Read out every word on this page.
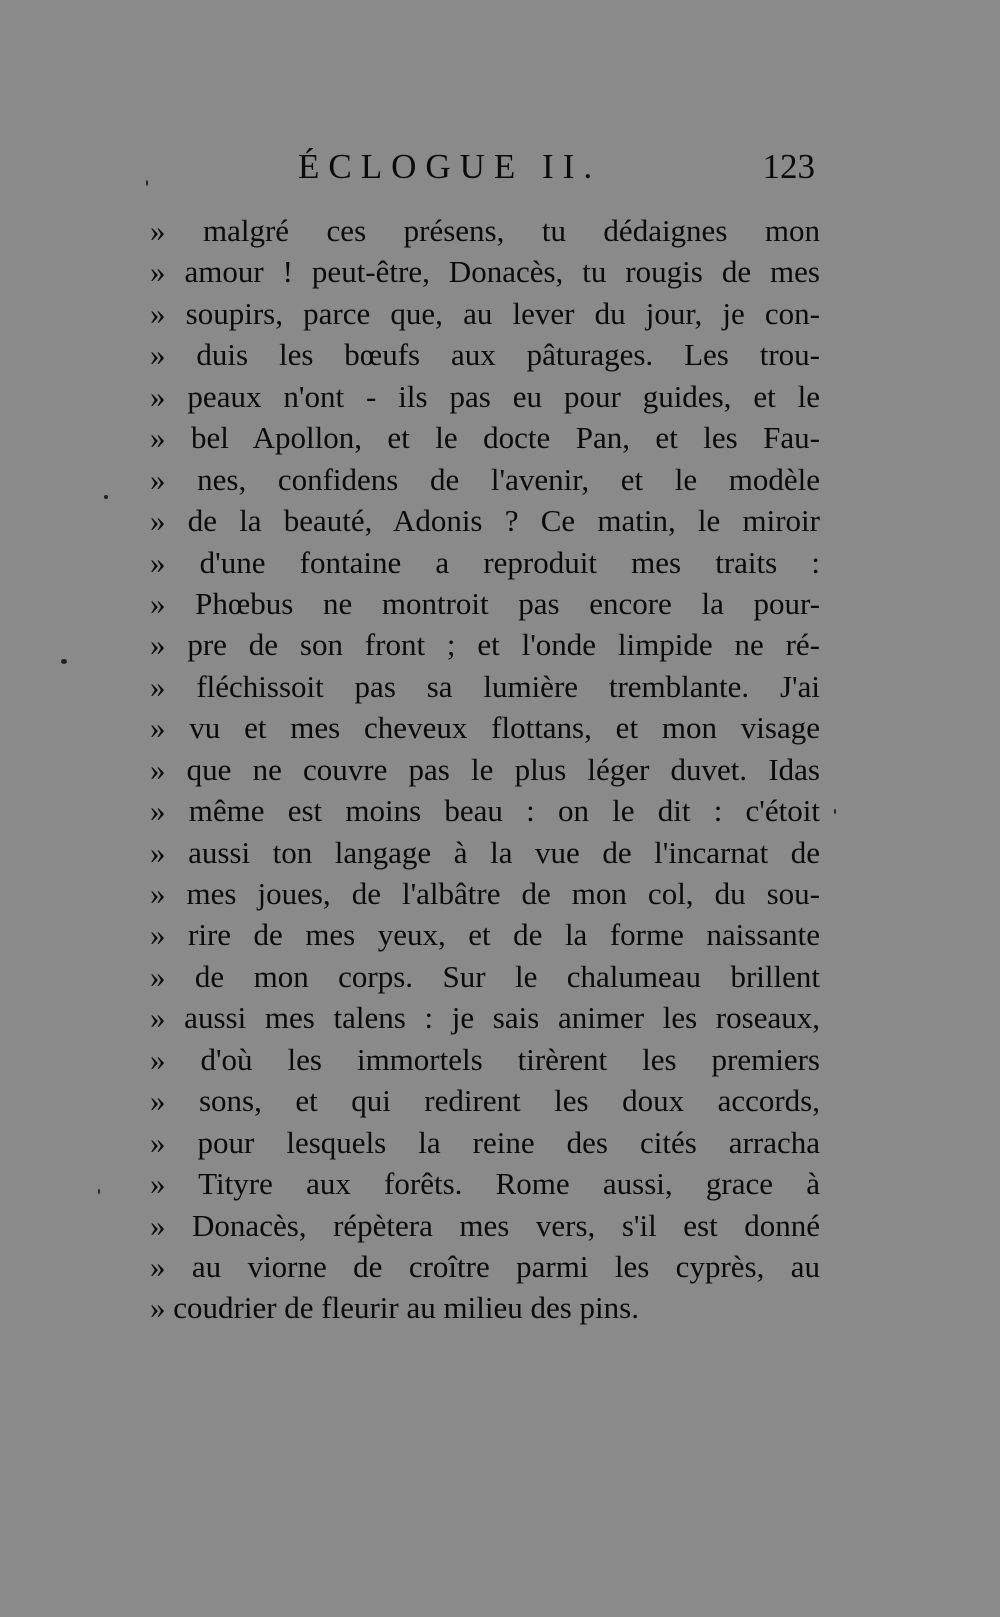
ÉCLOGUE II.	123
» malgré ces présens, tu dédaignes mon
» amour ! peut-être, Donacès, tu rougis de mes
» soupirs, parce que, au lever du jour, je con-
» duis les bœufs aux pâturages. Les trou-
» peaux n'ont - ils pas eu pour guides, et le
» bel Apollon, et le docte Pan, et les Fau-
» nes, confidens de l'avenir, et le modèle
» de la beauté, Adonis ? Ce matin, le miroir
» d'une fontaine a reproduit mes traits :
» Phœbus ne montroit pas encore la pour-
» pre de son front ; et l'onde limpide ne ré-
» fléchissoit pas sa lumière tremblante. J'ai
» vu et mes cheveux flottans, et mon visage
» que ne couvre pas le plus léger duvet. Idas
» même est moins beau : on le dit : c'étoit
» aussi ton langage à la vue de l'incarnat de
» mes joues, de l'albâtre de mon col, du sou-
» rire de mes yeux, et de la forme naissante
» de mon corps. Sur le chalumeau brillent
» aussi mes talens : je sais animer les roseaux,
» d'où les immortels tirèrent les premiers
» sons, et qui redirent les doux accords,
» pour lesquels la reine des cités arracha
» Tityre aux forêts. Rome aussi, grace à
» Donacès, répètera mes vers, s'il est donné
» au viorne de croître parmi les cyprès, au
» coudrier de fleurir au milieu des pins.
